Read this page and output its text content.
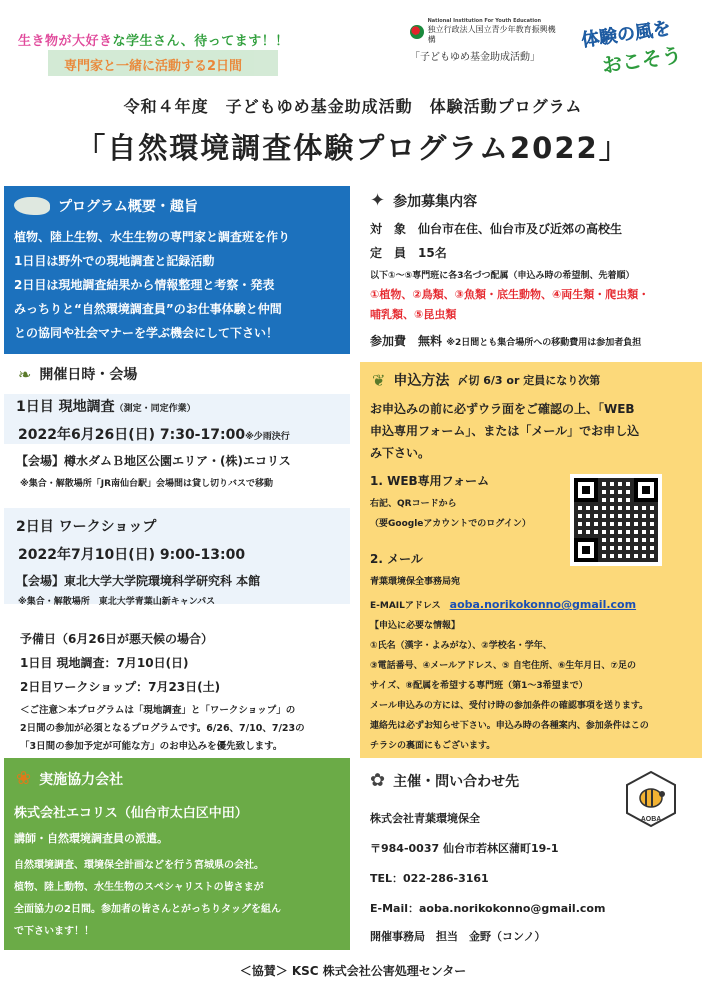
生き物が大好きな学生さん、待ってます！！
専門家と一緒に活動する2日間
National Institution For Youth Education
独立行政法人国立青少年教育振興機構
「子どもゆめ基金助成活動」
体験の風を
おこそう
令和４年度　子どもゆめ基金助成活動　体験活動プログラム
「自然環境調査体験プログラム2022」
プログラム概要・趣旨
植物、陸上生物、水生生物の専門家と調査班を作り
1日目は野外での現地調査と記録活動
2日目は現地調査結果から情報整理と考察・発表
みっちりと“自然環境調査員”のお仕事体験と仲間
との協同や社会マナーを学ぶ機会にして下さい！
✦ 参加募集内容
対　象　 仙台市在住、仙台市及び近郊の高校生
定　員　 15名
以下①～⑤専門班に各3名づつ配属（申込み時の希望制、先着順）
①植物、②鳥類、③魚類・底生動物、④両生類・爬虫類・
哺乳類、⑤昆虫類
参加費　 無料 ※2日間とも集合場所への移動費用は参加者負担
❧ 開催日時・会場
1日目 現地調査（測定・同定作業）
2022年6月26日(日) 7:30-17:00※少雨決行
【会場】樽水ダムＢ地区公園エリア・(株)エコリス
※集合・解散場所「JR南仙台駅」会場間は貸し切りバスで移動
2日目 ワークショップ
2022年7月10日(日) 9:00-13:00
【会場】東北大学大学院環境科学研究科 本館
※集合・解散場所　東北大学青葉山新キャンパス
予備日（6月26日が悪天候の場合）
1日目 現地調査：7月10日(日)
2日目ワークショップ：7月23日(土)
＜ご注意＞本プログラムは「現地調査」と「ワークショップ」の
2日間の参加が必須となるプログラムです。6/26、7/10、7/23の
「3日間の参加予定が可能な方」のお申込みを優先致します。
❦ 申込方法 〆切 6/3 or 定員になり次第
お申込みの前に必ずウラ面をご確認の上、「WEB
申込専用フォーム」、または「メール」でお申し込
み下さい。
1. WEB専用フォーム
右記、QRコードから
（要Googleアカウントでのログイン）
2. メール
青葉環境保全事務局宛
E-MAILアドレス　 aoba.norikokonno@gmail.com
【申込に必要な情報】
①氏名（漢字・よみがな）、②学校名・学年、
③電話番号、④メールアドレス、⑤ 自宅住所、⑥生年月日、⑦足の
サイズ、⑧配属を希望する専門班（第1～3希望まで）
メール申込みの方には、受付け時の参加条件の確認事項を送ります。
連絡先は必ずお知らせ下さい。申込み時の各種案内、参加条件はこの
チラシの裏面にもございます。
❀ 実施協力会社
株式会社エコリス（仙台市太白区中田）
講師・自然環境調査員の派遣。
自然環境調査、環境保全計画などを行う宮城県の会社。
植物、陸上動物、水生生物のスペシャリストの皆さまが
全面協力の2日間。参加者の皆さんとがっちりタッグを組ん
で下さいます！！
✿ 主催・問い合わせ先
AOBA
株式会社青葉環境保全
〒984-0037 仙台市若林区蒲町19-1
TEL：022-286-3161
E-Mail：aoba.norikokonno@gmail.com
開催事務局　担当　金野（コンノ）
＜協賛＞ KSC 株式会社公害処理センター
